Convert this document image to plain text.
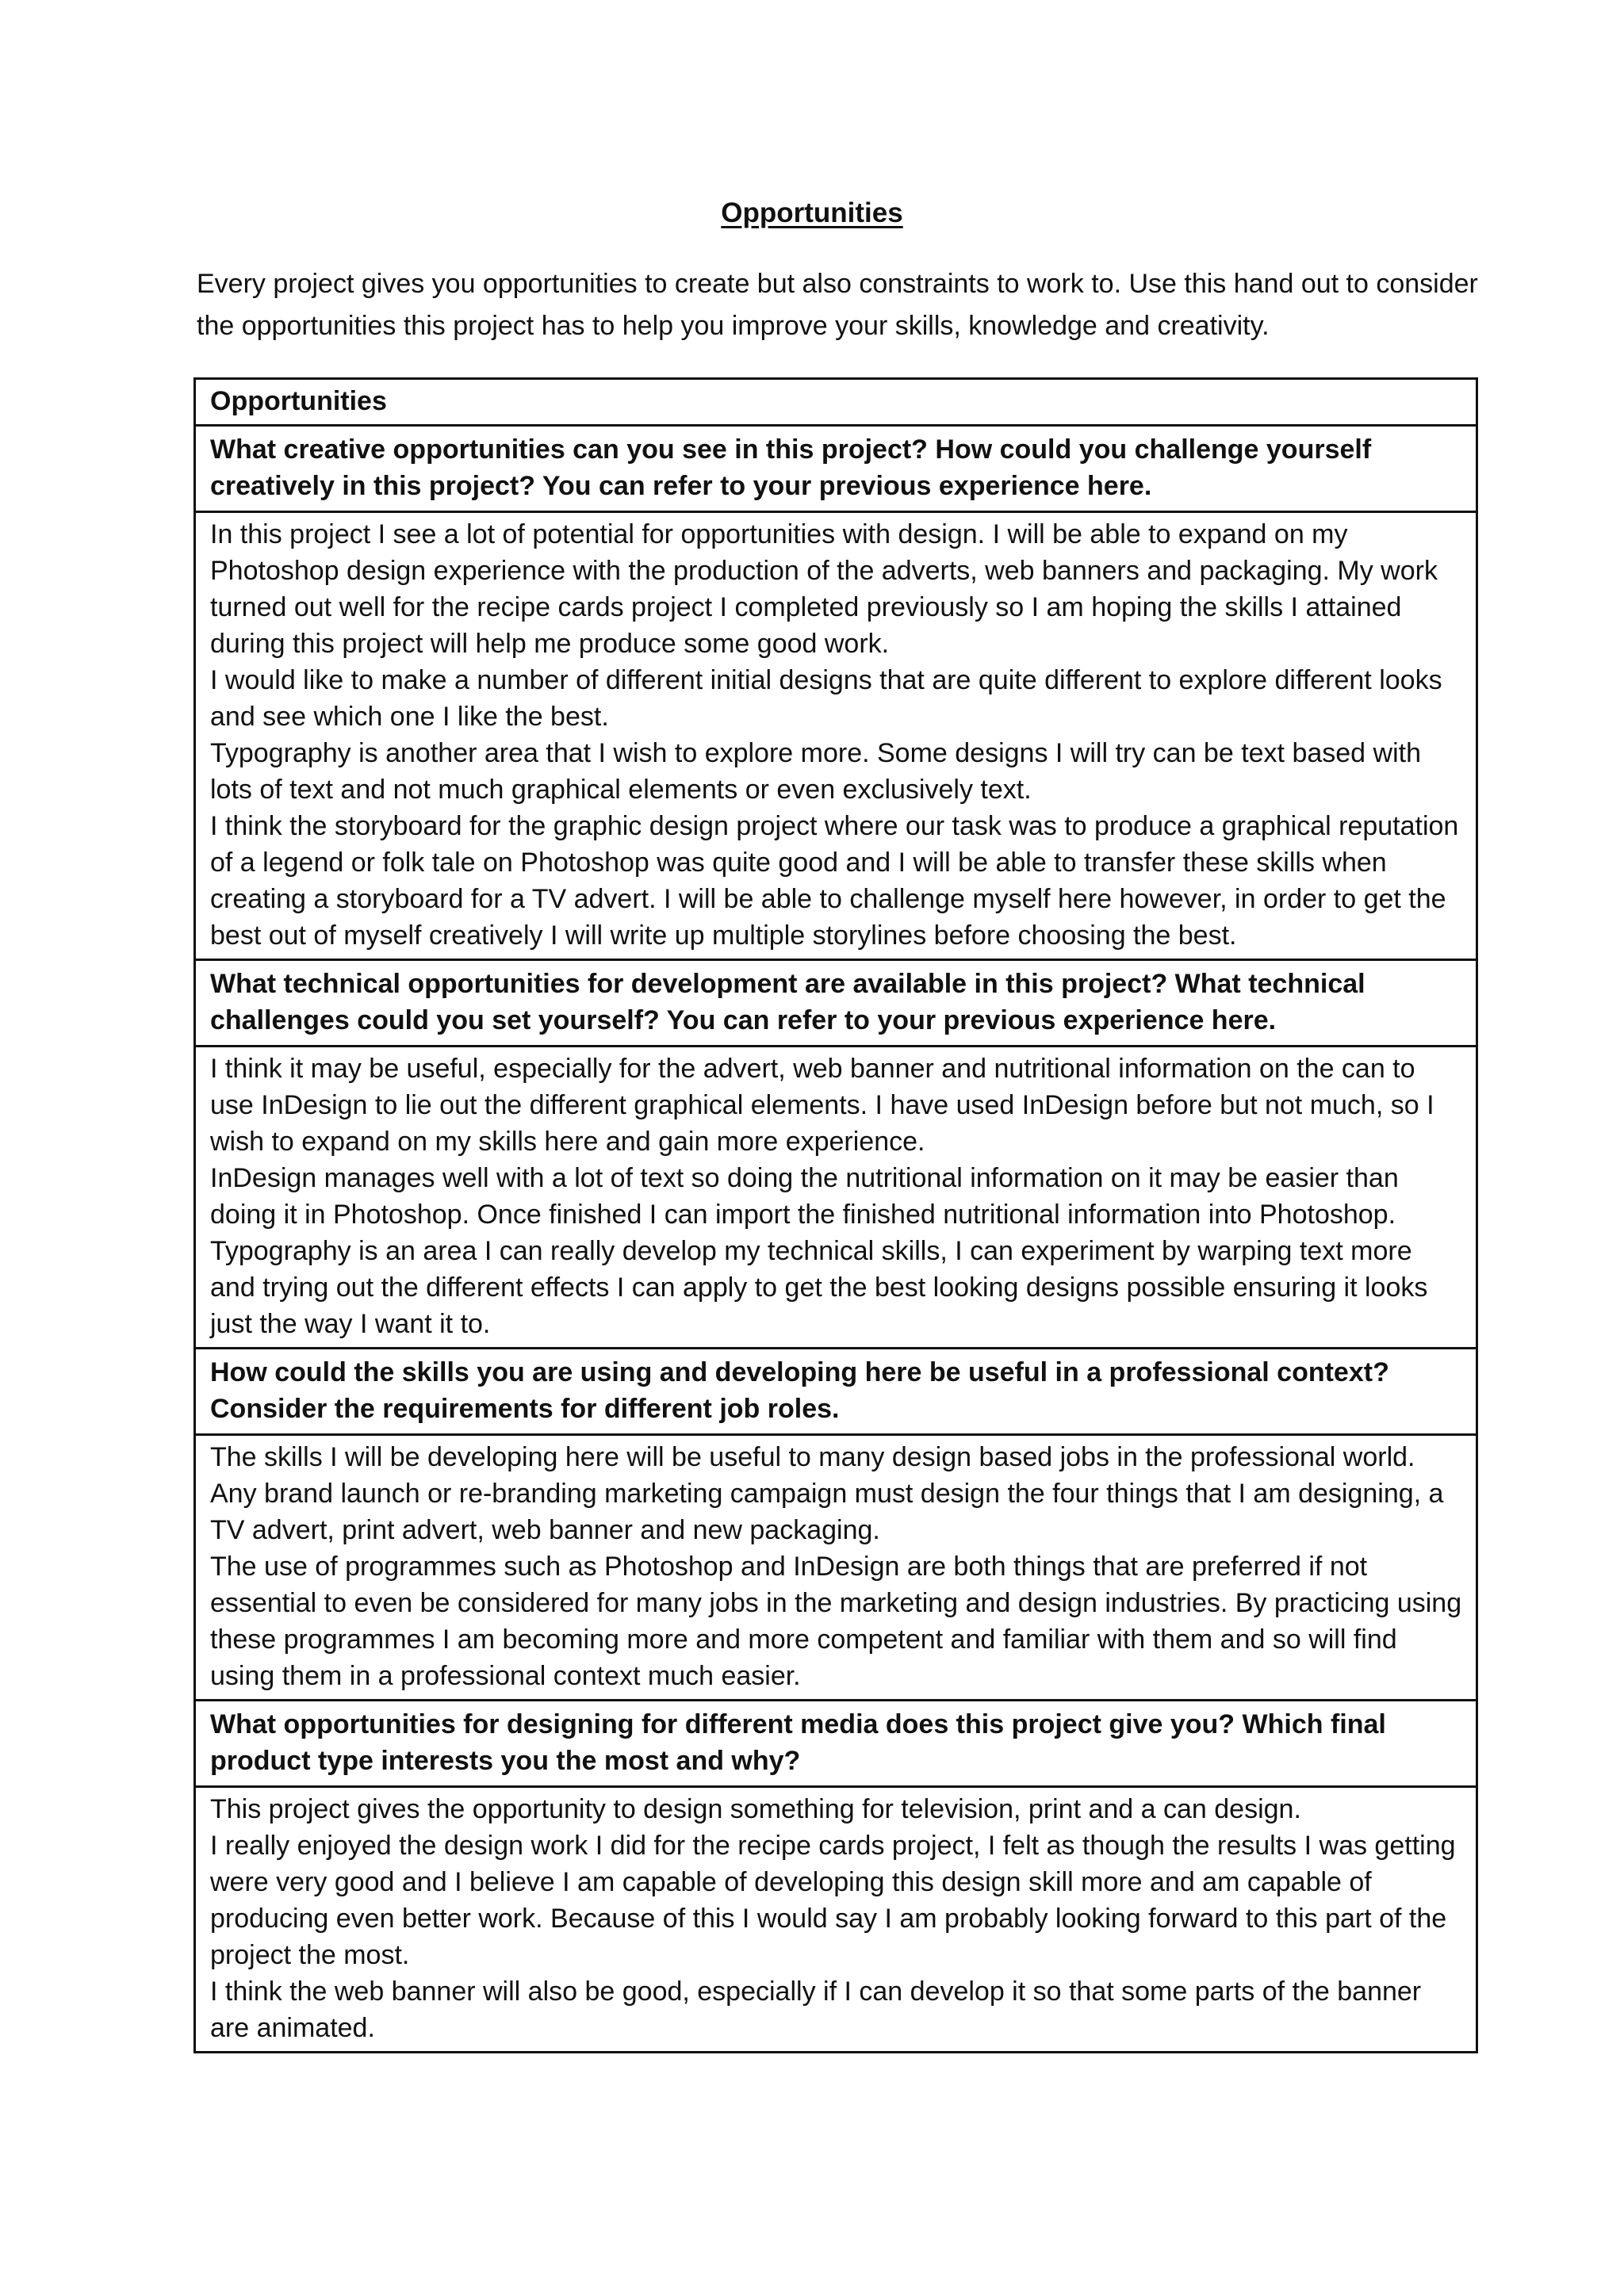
Opportunities
Every project gives you opportunities to create but also constraints to work to. Use this hand out to consider the opportunities this project has to help you improve your skills, knowledge and creativity.
Opportunities
What creative opportunities can you see in this project? How could you challenge yourself creatively in this project? You can refer to your previous experience here.

In this project I see a lot of potential for opportunities with design. I will be able to expand on my Photoshop design experience with the production of the adverts, web banners and packaging. My work turned out well for the recipe cards project I completed previously so I am hoping the skills I attained during this project will help me produce some good work.

I would like to make a number of different initial designs that are quite different to explore different looks and see which one I like the best.

Typography is another area that I wish to explore more. Some designs I will try can be text based with lots of text and not much graphical elements or even exclusively text.

I think the storyboard for the graphic design project where our task was to produce a graphical reputation of a legend or folk tale on Photoshop was quite good and I will be able to transfer these skills when creating a storyboard for a TV advert. I will be able to challenge myself here however, in order to get the best out of myself creatively I will write up multiple storylines before choosing the best.

What technical opportunities for development are available in this project? What technical challenges could you set yourself? You can refer to your previous experience here.

I think it may be useful, especially for the advert, web banner and nutritional information on the can to use InDesign to lie out the different graphical elements. I have used InDesign before but not much, so I wish to expand on my skills here and gain more experience.

InDesign manages well with a lot of text so doing the nutritional information on it may be easier than doing it in Photoshop. Once finished I can import the finished nutritional information into Photoshop.

Typography is an area I can really develop my technical skills, I can experiment by warping text more and trying out the different effects I can apply to get the best looking designs possible ensuring it looks just the way I want it to.

How could the skills you are using and developing here be useful in a professional context? Consider the requirements for different job roles.

The skills I will be developing here will be useful to many design based jobs in the professional world. Any brand launch or re-branding marketing campaign must design the four things that I am designing, a TV advert, print advert, web banner and new packaging.

The use of programmes such as Photoshop and InDesign are both things that are preferred if not essential to even be considered for many jobs in the marketing and design industries. By practicing using these programmes I am becoming more and more competent and familiar with them and so will find using them in a professional context much easier.

What opportunities for designing for different media does this project give you? Which final product type interests you the most and why?

This project gives the opportunity to design something for television, print and a can design.

I really enjoyed the design work I did for the recipe cards project, I felt as though the results I was getting were very good and I believe I am capable of developing this design skill more and am capable of producing even better work. Because of this I would say I am probably looking forward to this part of the project the most.

I think the web banner will also be good, especially if I can develop it so that some parts of the banner are animated.
